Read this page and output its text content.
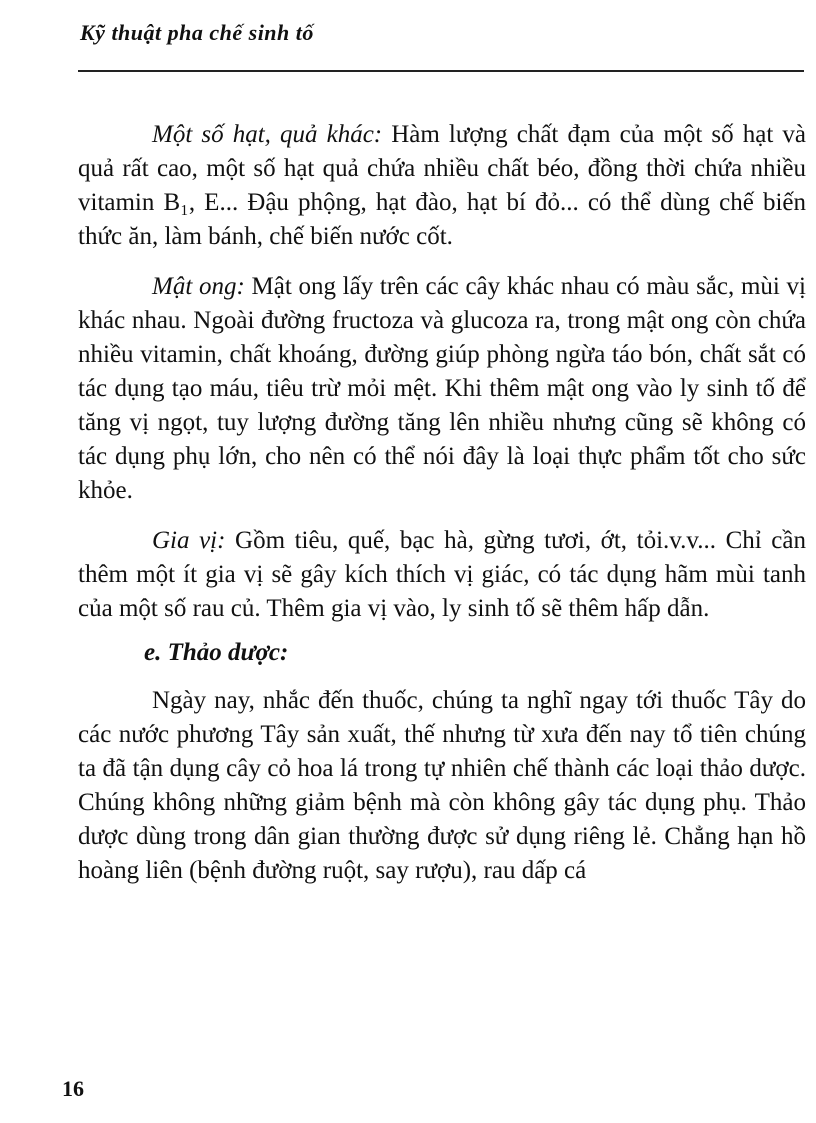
Kỹ thuật pha chế sinh tố

Một số hạt, quả khác: Hàm lượng chất đạm của một số hạt và quả rất cao, một số hạt quả chứa nhiều chất béo, đồng thời chứa nhiều vitamin B₁, E... Đậu phộng, hạt đào, hạt bí đỏ... có thể dùng chế biến thức ăn, làm bánh, chế biến nước cốt.

Mật ong: Mật ong lấy trên các cây khác nhau có màu sắc, mùi vị khác nhau. Ngoài đường fructoza và glucoza ra, trong mật ong còn chứa nhiều vitamin, chất khoáng, đường giúp phòng ngừa táo bón, chất sắt có tác dụng tạo máu, tiêu trừ mỏi mệt. Khi thêm mật ong vào ly sinh tố để tăng vị ngọt, tuy lượng đường tăng lên nhiều nhưng cũng sẽ không có tác dụng phụ lớn, cho nên có thể nói đây là loại thực phẩm tốt cho sức khỏe.

Gia vị: Gồm tiêu, quế, bạc hà, gừng tươi, ớt, tỏi.v.v... Chỉ cần thêm một ít gia vị sẽ gây kích thích vị giác, có tác dụng hãm mùi tanh của một số rau củ. Thêm gia vị vào, ly sinh tố sẽ thêm hấp dẫn.

e. Thảo dược:

Ngày nay, nhắc đến thuốc, chúng ta nghĩ ngay tới thuốc Tây do các nước phương Tây sản xuất, thế nhưng từ xưa đến nay tổ tiên chúng ta đã tận dụng cây cỏ hoa lá trong tự nhiên chế thành các loại thảo dược. Chúng không những giảm bệnh mà còn không gây tác dụng phụ. Thảo dược dùng trong dân gian thường được sử dụng riêng lẻ. Chẳng hạn hồ hoàng liên (bệnh đường ruột, say rượu), rau dấp cá

16
